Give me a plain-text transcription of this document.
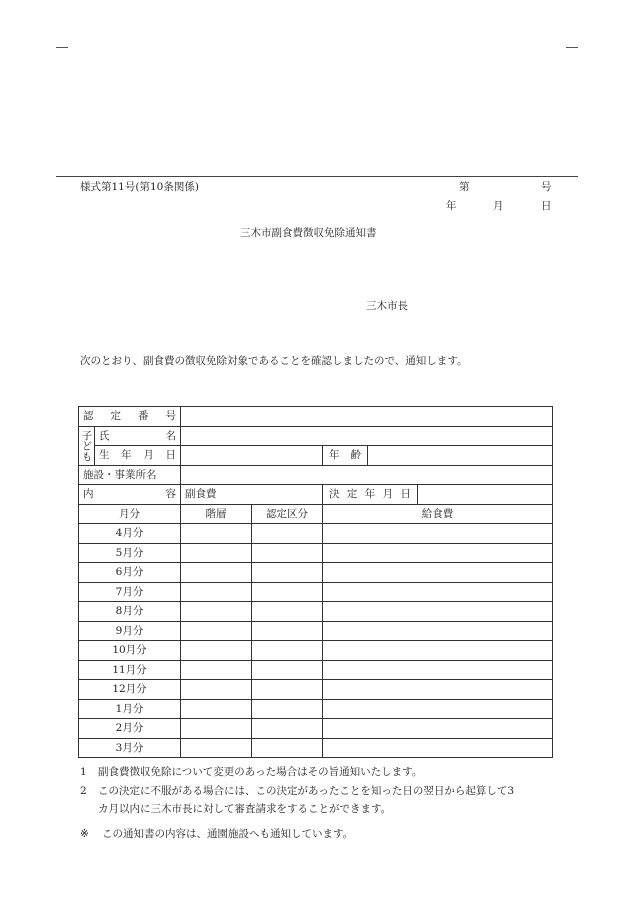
様式第11号(第10条関係)	第	号
年	月	日
三木市副食費徴収免除通知書
三木市長
次のとおり、副食費の徴収免除対象であることを確認しましたので、通知します。
認 定 番 号						

子ども	氏 名					

	生 年 月 日			年 齢		

施設・事業所名						

内 容		副食費		決 定 年 月 日		

月分		階層	認定区分	給食費		
4月分						
5月分						
6月分						
7月分						
8月分						
9月分						
10月分						
11月分						
12月分						
1月分						
2月分						
3月分						
1 副食費徴収免除について変更のあった場合はその旨通知いたします。
2 この決定に不服がある場合には、この決定があったことを知った日の翌日から起算して3
カ月以内に三木市長に対して審査請求をすることができます。
※ この通知書の内容は、通園施設へも通知しています。
